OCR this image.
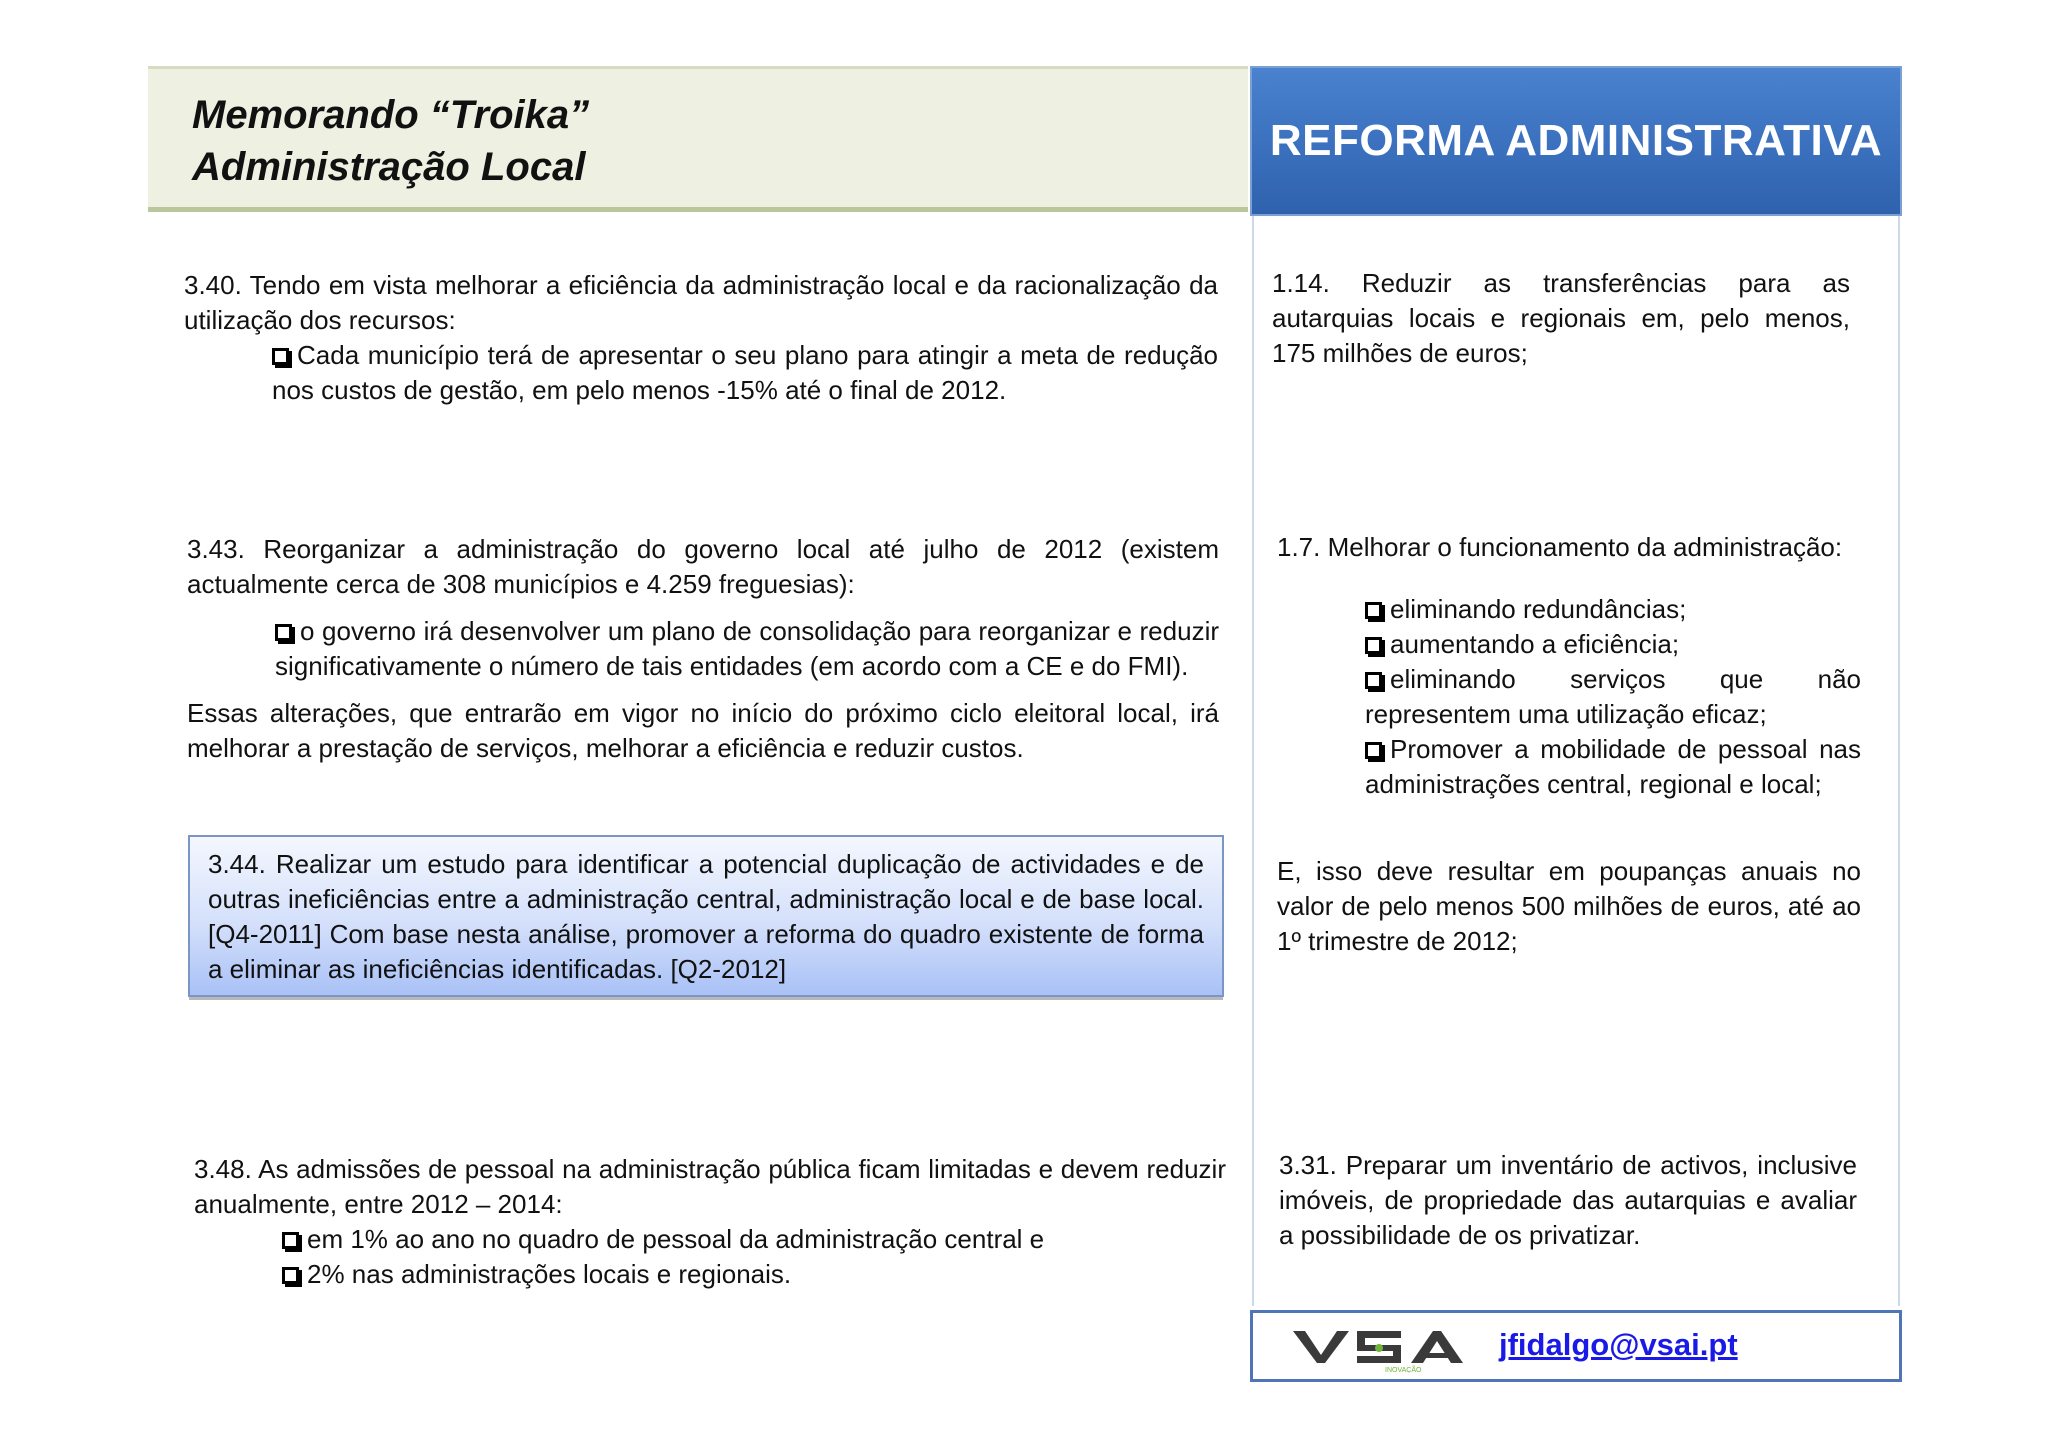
Memorando “Troika”
Administração Local
REFORMA ADMINISTRATIVA

3.40. Tendo em vista melhorar a eficiência da administração local e da racionalização da utilização dos recursos:

Cada município terá de apresentar o seu plano para atingir a meta de redução nos custos de gestão, em pelo menos -15% até o final de 2012.

3.43. Reorganizar a administração do governo local até julho de 2012 (existem actualmente cerca de 308 municípios e 4.259 freguesias):

o governo irá desenvolver um plano de consolidação para reorganizar e reduzir significativamente o número de tais entidades (em acordo com a CE e do FMI).

Essas alterações, que entrarão em vigor no início do próximo ciclo eleitoral local, irá melhorar a prestação de serviços, melhorar a eficiência e reduzir custos.

3.44. Realizar um estudo para identificar a potencial duplicação de actividades e de outras ineficiências entre a administração central, administração local e de base local. [Q4-2011] Com base nesta análise, promover a reforma do quadro existente de forma a eliminar as ineficiências identificadas. [Q2-2012]

3.48. As admissões de pessoal na administração pública ficam limitadas e devem reduzir anualmente, entre 2012 – 2014:

em 1% ao ano no quadro de pessoal da administração central e

2% nas administrações locais e regionais.

1.14. Reduzir as transferências para as autarquias locais e regionais em, pelo menos, 175 milhões de euros;

1.7. Melhorar o funcionamento da administração:

eliminando redundâncias;

aumentando a eficiência;

eliminando serviços que não representem uma utilização eficaz;

Promover a mobilidade de pessoal nas administrações central, regional e local;

E, isso deve resultar em poupanças anuais no valor de pelo menos 500 milhões de euros, até ao 1º trimestre de 2012;

3.31. Preparar um inventário de activos, inclusive imóveis, de propriedade das autarquias e avaliar a possibilidade de os privatizar.

INOVAÇÃO
jfidalgo@vsai.pt
